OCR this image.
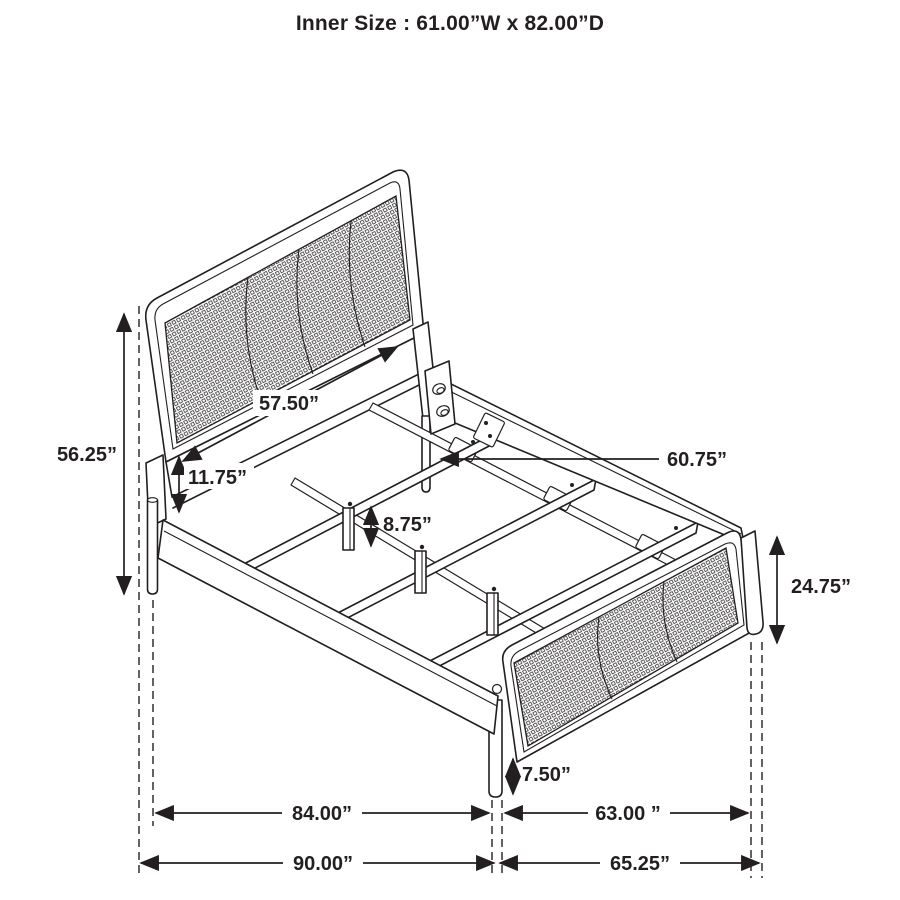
Inner Size : 61.00”W x 82.00”D
56.25”
57.50”
11.75”
60.75”
8.75”
24.75”
7.50”
84.00”	63.00 ”
90.00”	65.25”
